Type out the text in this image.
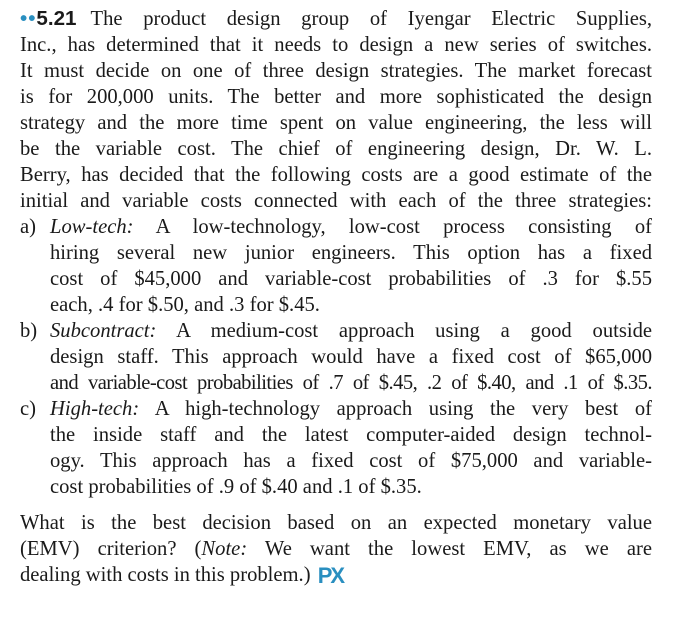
••5.21 The product design group of Iyengar Electric Supplies,
Inc., has determined that it needs to design a new series of switches.
It must decide on one of three design strategies. The market forecast
is for 200,000 units. The better and more sophisticated the design
strategy and the more time spent on value engineering, the less will
be the variable cost. The chief of engineering design, Dr. W. L.
Berry, has decided that the following costs are a good estimate of the
initial and variable costs connected with each of the three strategies:
a) Low-tech: A low-technology, low-cost process consisting of
hiring several new junior engineers. This option has a fixed
cost of $45,000 and variable-cost probabilities of .3 for $.55
each, .4 for $.50, and .3 for $.45.
b) Subcontract: A medium-cost approach using a good outside
design staff. This approach would have a fixed cost of $65,000
and variable-cost probabilities of .7 of $.45, .2 of $.40, and .1 of $.35.
c) High-tech: A high-technology approach using the very best of
the inside staff and the latest computer-aided design technol-
ogy. This approach has a fixed cost of $75,000 and variable-
cost probabilities of .9 of $.40 and .1 of $.35.
What is the best decision based on an expected monetary value
(EMV) criterion? (Note: We want the lowest EMV, as we are
dealing with costs in this problem.) PX
